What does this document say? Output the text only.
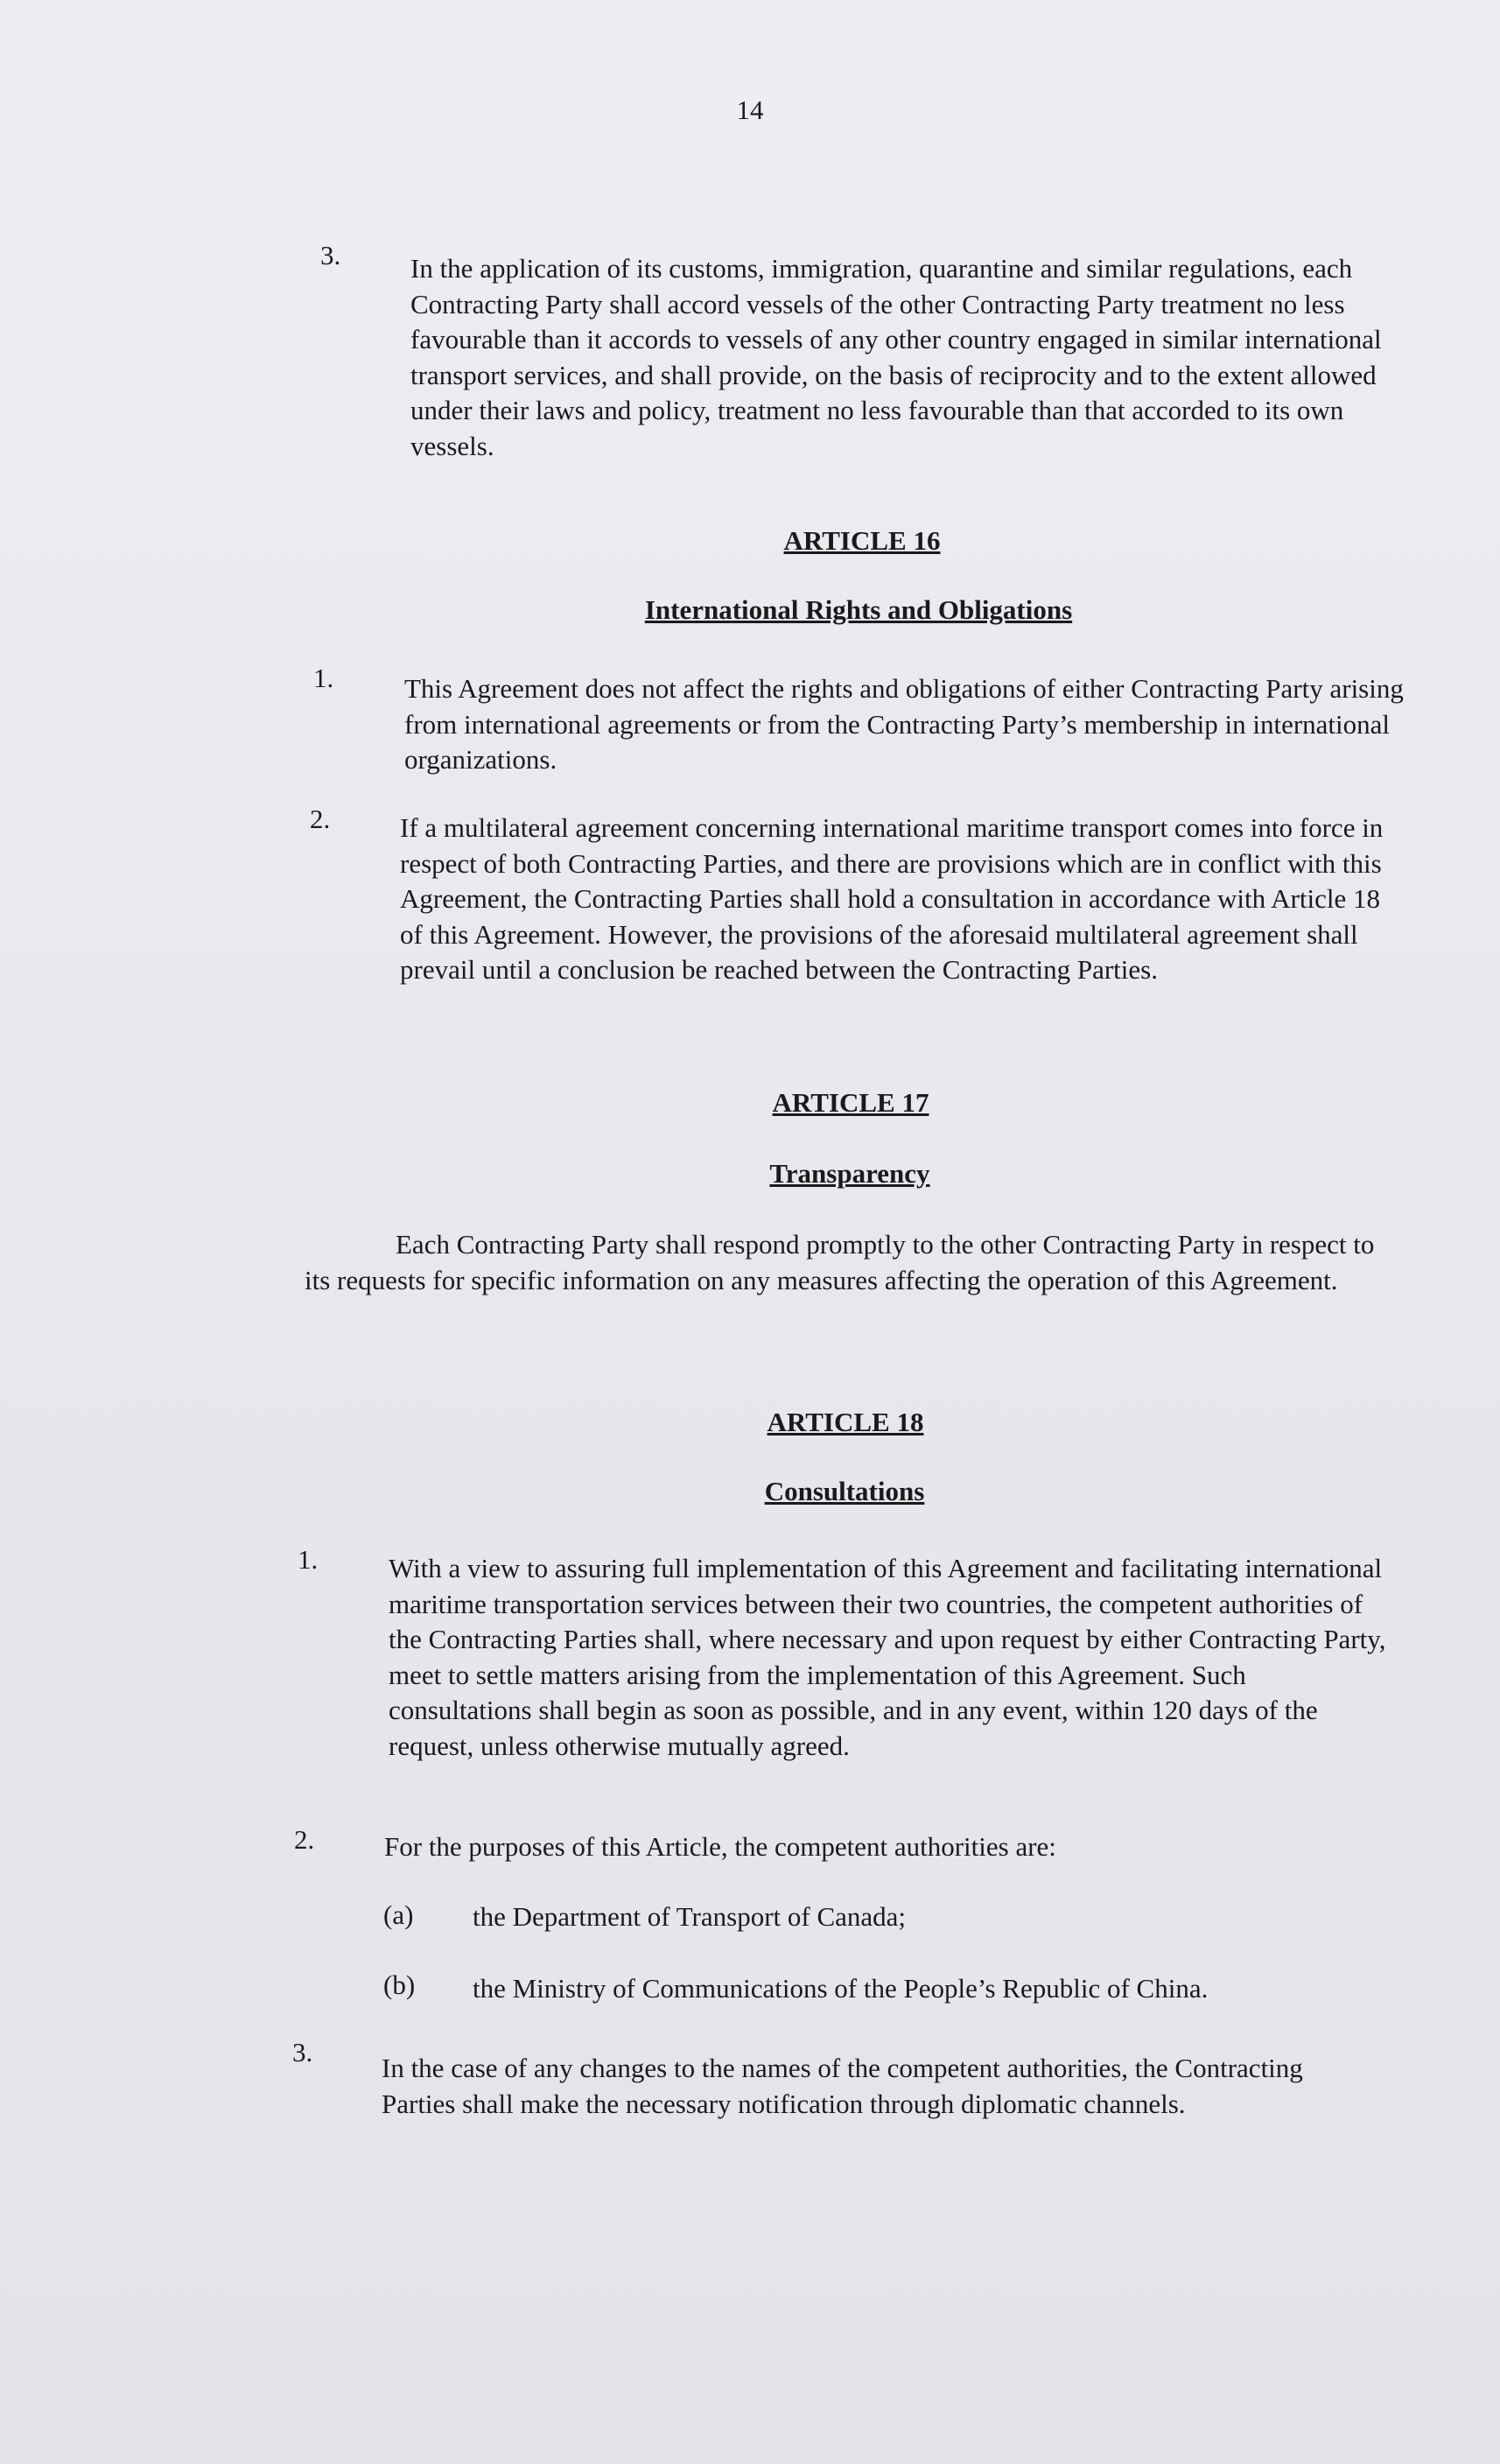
14
3.	In the application of its customs, immigration, quarantine and similar regulations, each Contracting Party shall accord vessels of the other Contracting Party treatment no less favourable than it accords to vessels of any other country engaged in similar international transport services, and shall provide, on the basis of reciprocity and to the extent allowed under their laws and policy, treatment no less favourable than that accorded to its own vessels.
ARTICLE 16
International Rights and Obligations
1.	This Agreement does not affect the rights and obligations of either Contracting Party arising from international agreements or from the Contracting Party’s membership in international organizations.
2.	If a multilateral agreement concerning international maritime transport comes into force in respect of both Contracting Parties, and there are provisions which are in conflict with this Agreement, the Contracting Parties shall hold a consultation in accordance with Article 18 of this Agreement. However, the provisions of the aforesaid multilateral agreement shall prevail until a conclusion be reached between the Contracting Parties.
ARTICLE 17
Transparency
Each Contracting Party shall respond promptly to the other Contracting Party in respect to its requests for specific information on any measures affecting the operation of this Agreement.
ARTICLE 18
Consultations
1.	With a view to assuring full implementation of this Agreement and facilitating international maritime transportation services between their two countries, the competent authorities of the Contracting Parties shall, where necessary and upon request by either Contracting Party, meet to settle matters arising from the implementation of this Agreement. Such consultations shall begin as soon as possible, and in any event, within 120 days of the request, unless otherwise mutually agreed.
2.	For the purposes of this Article, the competent authorities are:
(a) the Department of Transport of Canada;
(b) the Ministry of Communications of the People’s Republic of China.
3.
In the case of any changes to the names of the competent authorities, the Contracting Parties shall make the necessary notification through diplomatic channels.
